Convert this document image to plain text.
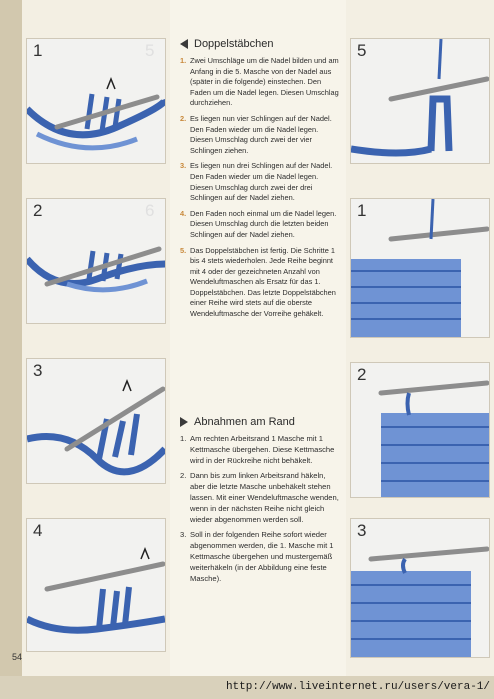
1	5
2	6
3
4
Doppelstäbchen
1. Zwei Umschläge um die Nadel bilden und am Anfang in die 5. Masche von der Nadel aus (später in die folgende) einstechen. Den Faden um die Nadel legen. Diesen Umschlag durchziehen.
2. Es liegen nun vier Schlingen auf der Nadel. Den Faden wieder um die Nadel legen. Diesen Umschlag durch zwei der vier Schlingen ziehen.
3. Es liegen nun drei Schlingen auf der Nadel. Den Faden wieder um die Nadel legen. Diesen Umschlag durch zwei der drei Schlingen auf der Nadel ziehen.
4. Den Faden noch einmal um die Nadel legen. Diesen Umschlag durch die letzten beiden Schlingen auf der Nadel ziehen.
5. Das Doppelstäbchen ist fertig. Die Schritte 1 bis 4 stets wiederholen. Jede Reihe beginnt mit 4 oder der gezeichneten Anzahl von Wendeluftmaschen als Ersatz für das 1. Doppelstäbchen. Das letzte Doppelstäbchen einer Reihe wird stets auf die oberste Wendeluftmasche der Vorreihe gehäkelt.
Abnahmen am Rand
1. Am rechten Arbeitsrand 1 Masche mit 1 Kettmasche übergehen. Diese Kettmasche wird in der Rückreihe nicht behäkelt.
2. Dann bis zum linken Arbeitsrand häkeln, aber die letzte Masche unbehäkelt stehen lassen. Mit einer Wendeluftmasche wenden, wenn in der nächsten Reihe nicht gleich wieder abgenommen werden soll.
3. Soll in der folgenden Reihe sofort wieder abgenommen werden, die 1. Masche mit 1 Kettmasche übergehen und mustergemäß weiterhäkeln (in der Abbildung eine feste Masche).
5
1
2
3
54
http://www.liveinternet.ru/users/vera-1/
